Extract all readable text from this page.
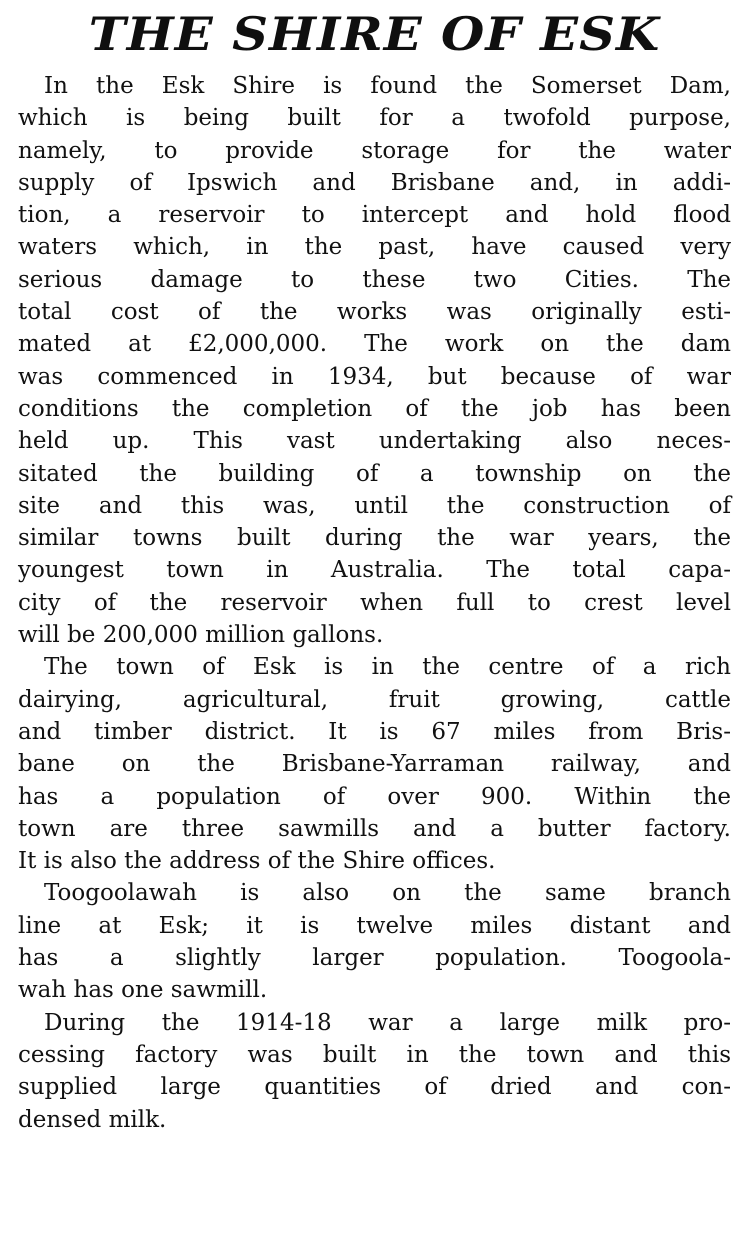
THE SHIRE OF ESK
In the Esk Shire is found the Somerset Dam,
which is being built for a twofold purpose,
namely, to provide storage for the water
supply of Ipswich and Brisbane and, in addi-
tion, a reservoir to intercept and hold flood
waters which, in the past, have caused very
serious damage to these two Cities. The
total cost of the works was originally esti-
mated at £2,000,000. The work on the dam
was commenced in 1934, but because of war
conditions the completion of the job has been
held up. This vast undertaking also neces-
sitated the building of a township on the
site and this was, until the construction of
similar towns built during the war years, the
youngest town in Australia. The total capa-
city of the reservoir when full to crest level
will be 200,000 million gallons.
The town of Esk is in the centre of a rich
dairying, agricultural, fruit growing, cattle
and timber district. It is 67 miles from Bris-
bane on the Brisbane-Yarraman railway, and
has a population of over 900. Within the
town are three sawmills and a butter factory.
It is also the address of the Shire offices.
Toogoolawah is also on the same branch
line at Esk; it is twelve miles distant and
has a slightly larger population. Toogoola-
wah has one sawmill.
During the 1914-18 war a large milk pro-
cessing factory was built in the town and this
supplied large quantities of dried and con-
densed milk.
